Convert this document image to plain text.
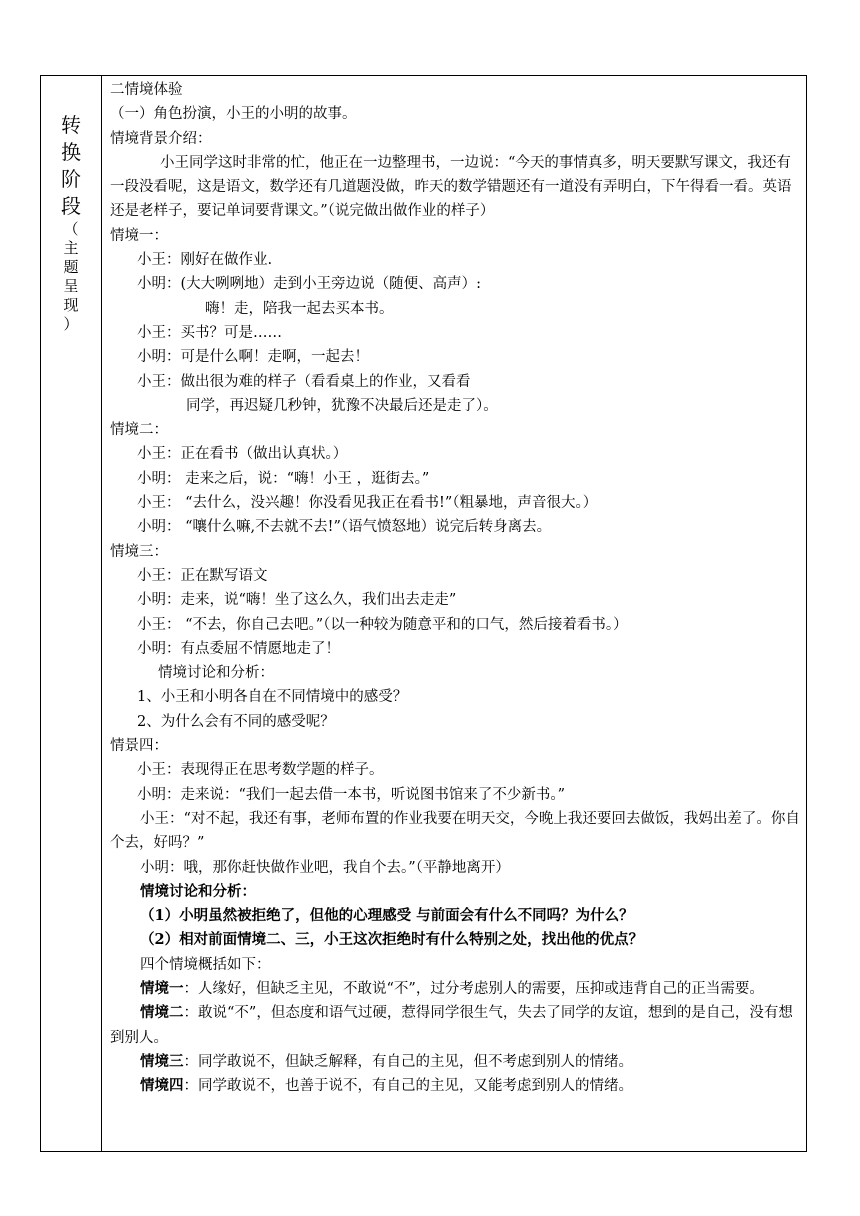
转
换
阶
段
（
主
题
呈
现
）

二情境体验

（一）角色扮演，小王的小明的故事。

情境背景介绍：

小王同学这时非常的忙，他正在一边整理书，一边说：“今天的事情真多，明天要默写课文，我还有一段没看呢，这是语文，数学还有几道题没做，昨天的数学错题还有一道没有弄明白，下午得看一看。英语还是老样子，要记单词要背课文。”（说完做出做作业的样子）

情境一：

小王：刚好在做作业.

小明：(大大咧咧地）走到小王旁边说（随便、高声）:

嗨！走，陪我一起去买本书。

小王：买书？可是……

小明：可是什么啊！走啊，一起去！

小王：做出很为难的样子（看看桌上的作业，又看看

同学，再迟疑几秒钟，犹豫不决最后还是走了）。

情境二：

小王：正在看书（做出认真状。）

小明： 走来之后，说：“嗨！小王 ，逛街去。”

小王： “去什么，没兴趣！你没看见我正在看书!”（粗暴地，声音很大。）

小明： “嚷什么嘛,不去就不去!”（语气愤怒地）说完后转身离去。

情境三：

小王：正在默写语文

小明：走来，说“嗨！坐了这么久，我们出去走走”

小王： “不去，你自己去吧。”（以一种较为随意平和的口气，然后接着看书。）

小明：有点委屈不情愿地走了！

情境讨论和分析：

1、小王和小明各自在不同情境中的感受？

2、为什么会有不同的感受呢？

情景四：

小王：表现得正在思考数学题的样子。

小明：走来说：“我们一起去借一本书，听说图书馆来了不少新书。”

小王：“对不起，我还有事，老师布置的作业我要在明天交，今晚上我还要回去做饭，我妈出差了。你自个去，好吗？”

小明：哦，那你赶快做作业吧，我自个去。”（平静地离开）

情境讨论和分析：

（1）小明虽然被拒绝了，但他的心理感受 与前面会有什么不同吗？为什么？

（2）相对前面情境二、三，小王这次拒绝时有什么特别之处，找出他的优点？

四个情境概括如下：

情境一：人缘好，但缺乏主见，不敢说“不”，过分考虑别人的需要，压抑或违背自己的正当需要。

情境二：敢说“不”，但态度和语气过硬，惹得同学很生气，失去了同学的友谊，想到的是自己，没有想到别人。

情境三：同学敢说不，但缺乏解释，有自己的主见，但不考虑到别人的情绪。

情境四：同学敢说不，也善于说不，有自己的主见，又能考虑到别人的情绪。
